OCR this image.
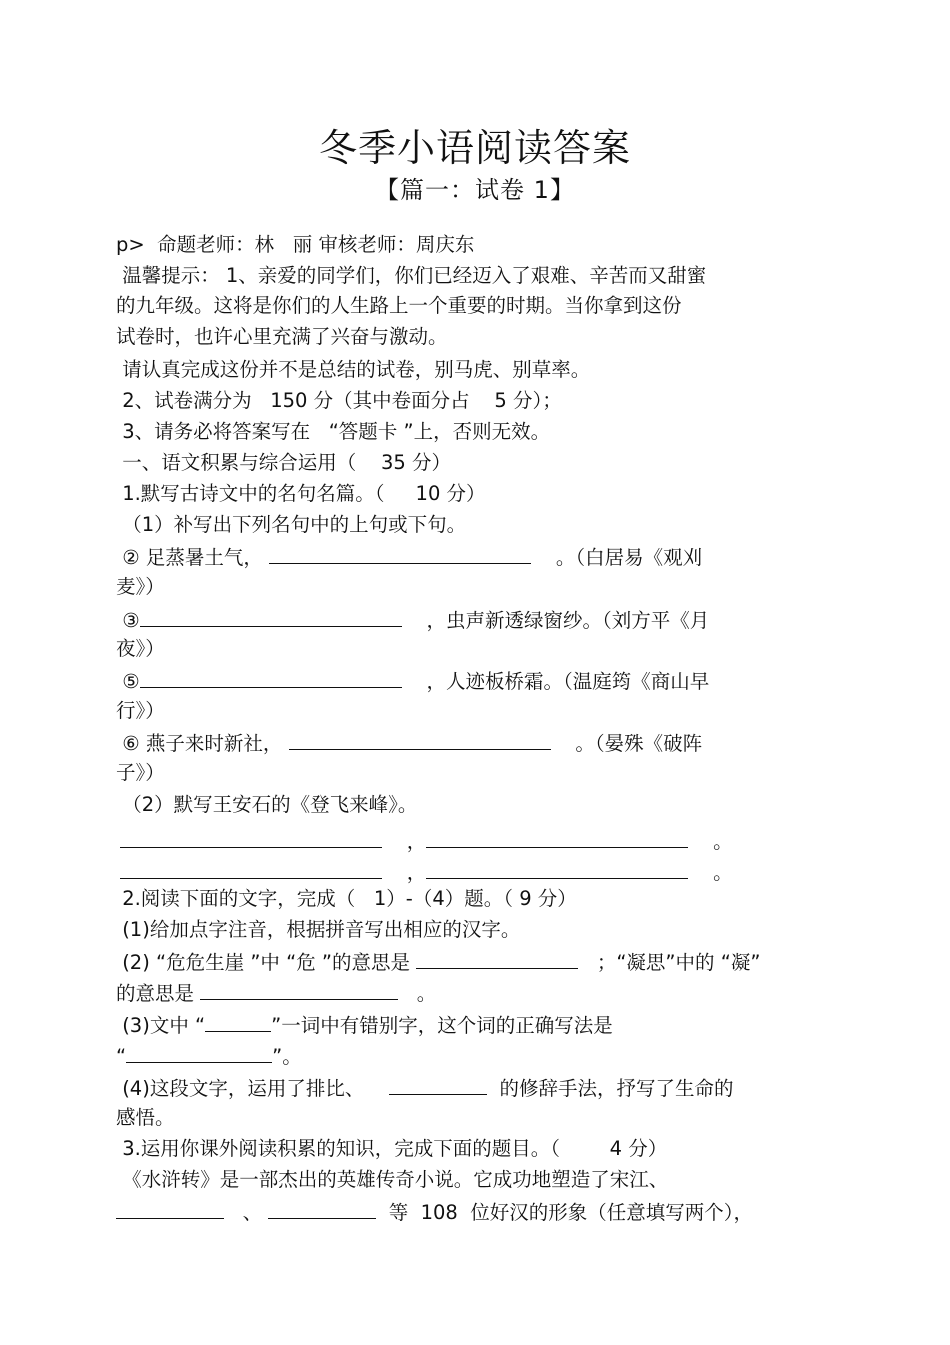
冬季小语阅读答案
【篇一：试卷 1】
p>  命题老师：林   丽 审核老师：周庆东
温馨提示： 1、亲爱的同学们，你们已经迈入了艰难、辛苦而又甜蜜
的九年级。这将是你们的人生路上一个重要的时期。当你拿到这份
试卷时，也许心里充满了兴奋与激动。
请认真完成这份并不是总结的试卷，别马虎、别草率。
2、试卷满分为   150 分（其中卷面分占    5 分）；
3、请务必将答案写在   “答题卡 ”上，否则无效。
一、语文积累与综合运用（    35 分）
1.默写古诗文中的名句名篇。（     10 分）
（1）补写出下列名句中的上句或下句。
② 足蒸暑土气，	。（白居易《观刈
麦》）
③	，虫声新透绿窗纱。（刘方平《月
夜》）
⑤	，人迹板桥霜。（温庭筠《商山早
行》）
⑥ 燕子来时新社，	。（晏殊《破阵
子》）
（2）默写王安石的《登飞来峰》。
，	。
，	。
2.阅读下面的文字，完成（   1）-（4）题。（ 9 分）
(1)给加点字注音，根据拼音写出相应的汉字。
(2) “危危生崖 ”中 “危 ”的意思是	；“凝思”中的 “凝”
的意思是	。
(3)文中 “	”一词中有错别字，这个词的正确写法是
“	”。
(4)这段文字，运用了排比、	的修辞手法，抒写了生命的
感悟。
3.运用你课外阅读积累的知识，完成下面的题目。（        4 分）
《水浒转》是一部杰出的英雄传奇小说。它成功地塑造了宋江、
、	等  108  位好汉的形象（任意填写两个），
